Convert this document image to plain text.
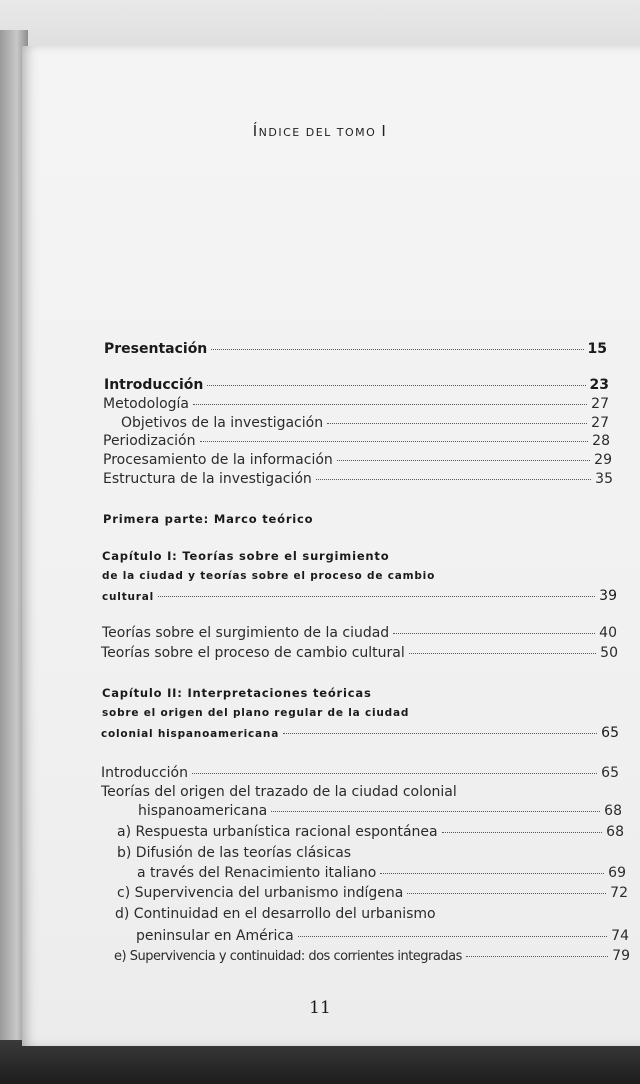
ÍNDICE DEL TOMO I
Presentación	15
Introducción	23
Metodología	27
Objetivos de la investigación	27
Periodización	28
Procesamiento de la información	29
Estructura de la investigación	35
Primera parte: Marco teórico
Capítulo I: Teorías sobre el surgimiento
de la ciudad y teorías sobre el proceso de cambio
cultural	39
Teorías sobre el surgimiento de la ciudad	40
Teorías sobre el proceso de cambio cultural	50
Capítulo II: Interpretaciones teóricas
sobre el origen del plano regular de la ciudad
colonial hispanoamericana	65
Introducción	65
Teorías del origen del trazado de la ciudad colonial
hispanoamericana	68
a) Respuesta urbanística racional espontánea	68
b) Difusión de las teorías clásicas
a través del Renacimiento italiano	69
c) Supervivencia del urbanismo indígena	72
d) Continuidad en el desarrollo del urbanismo
peninsular en América	74
e) Supervivencia y continuidad: dos corrientes integradas	79
11
